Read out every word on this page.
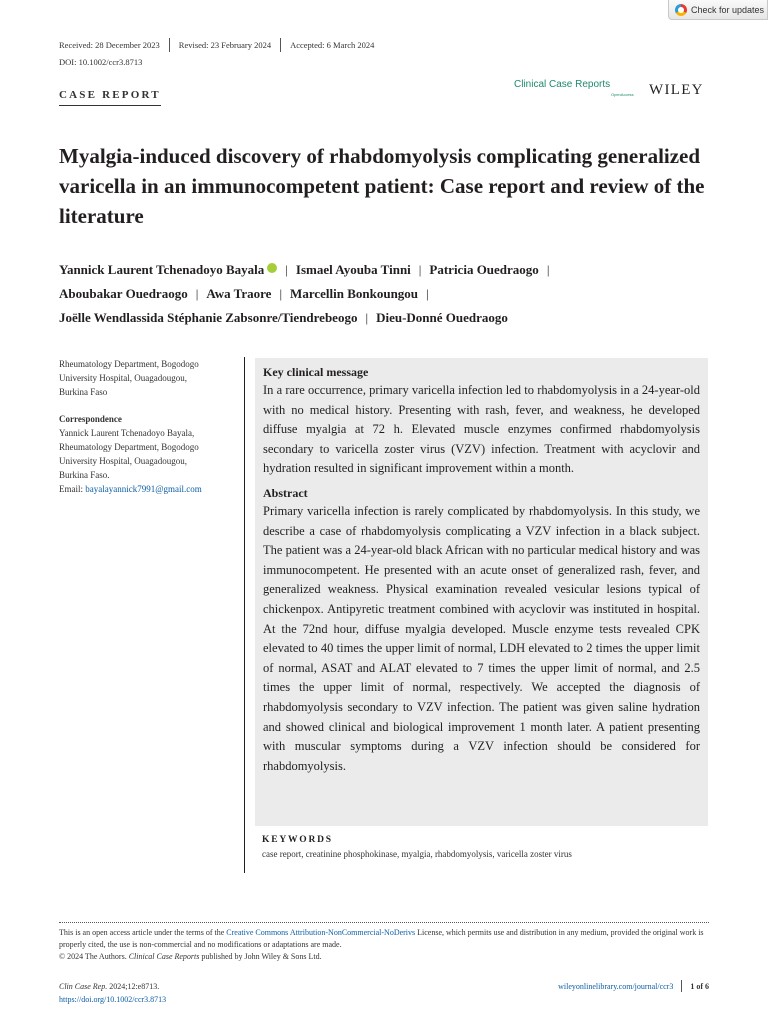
Check for updates
Received: 28 December 2023	Revised: 23 February 2024	Accepted: 6 March 2024
DOI: 10.1002/ccr3.8713
CASE REPORT
Clinical Case Reports
OpenAccess WILEY
Myalgia-induced discovery of rhabdomyolysis complicating generalized varicella in an immunocompetent patient: Case report and review of the literature
Yannick Laurent Tchenadoyo Bayala | Ismael Ayouba Tinni | Patricia Ouedraogo |
Aboubakar Ouedraogo | Awa Traore | Marcellin Bonkoungou |
Joëlle Wendlassida Stéphanie Zabsonre/Tiendrebeogo | Dieu-Donné Ouedraogo
Rheumatology Department, Bogodogo
University Hospital, Ouagadougou,
Burkina Faso
Correspondence
Yannick Laurent Tchenadoyo Bayala,
Rheumatology Department, Bogodogo
University Hospital, Ouagadougou,
Burkina Faso.
Email: bayalayannick7991@gmail.com
Key clinical message

In a rare occurrence, primary varicella infection led to rhabdomyolysis in a 24-year-old with no medical history. Presenting with rash, fever, and weakness, he developed diffuse myalgia at 72 h. Elevated muscle enzymes confirmed rhabdomyolysis secondary to varicella zoster virus (VZV) infection. Treatment with acyclovir and hydration resulted in significant improvement within a month.

Abstract

Primary varicella infection is rarely complicated by rhabdomyolysis. In this study, we describe a case of rhabdomyolysis complicating a VZV infection in a black subject. The patient was a 24-year-old black African with no particular medical history and was immunocompetent. He presented with an acute onset of generalized rash, fever, and generalized weakness. Physical examination revealed vesicular lesions typical of chickenpox. Antipyretic treatment combined with acyclovir was instituted in hospital. At the 72nd hour, diffuse myalgia developed. Muscle enzyme tests revealed CPK elevated to 40 times the upper limit of normal, LDH elevated to 2 times the upper limit of normal, ASAT and ALAT elevated to 7 times the upper limit of normal, and 2.5 times the upper limit of normal, respectively. We accepted the diagnosis of rhabdomyolysis secondary to VZV infection. The patient was given saline hydration and showed clinical and biological improvement 1 month later. A patient presenting with muscular symptoms during a VZV infection should be considered for rhabdomyolysis.

KEYWORDS
case report, creatinine phosphokinase, myalgia, rhabdomyolysis, varicella zoster virus
This is an open access article under the terms of the Creative Commons Attribution-NonCommercial-NoDerivs License, which permits use and distribution in any medium, provided the original work is properly cited, the use is non-commercial and no modifications or adaptations are made.
© 2024 The Authors. Clinical Case Reports published by John Wiley & Sons Ltd.
Clin Case Rep. 2024;12:e8713.
https://doi.org/10.1002/ccr3.8713
wileyonlinelibrary.com/journal/ccr3	1 of 6
